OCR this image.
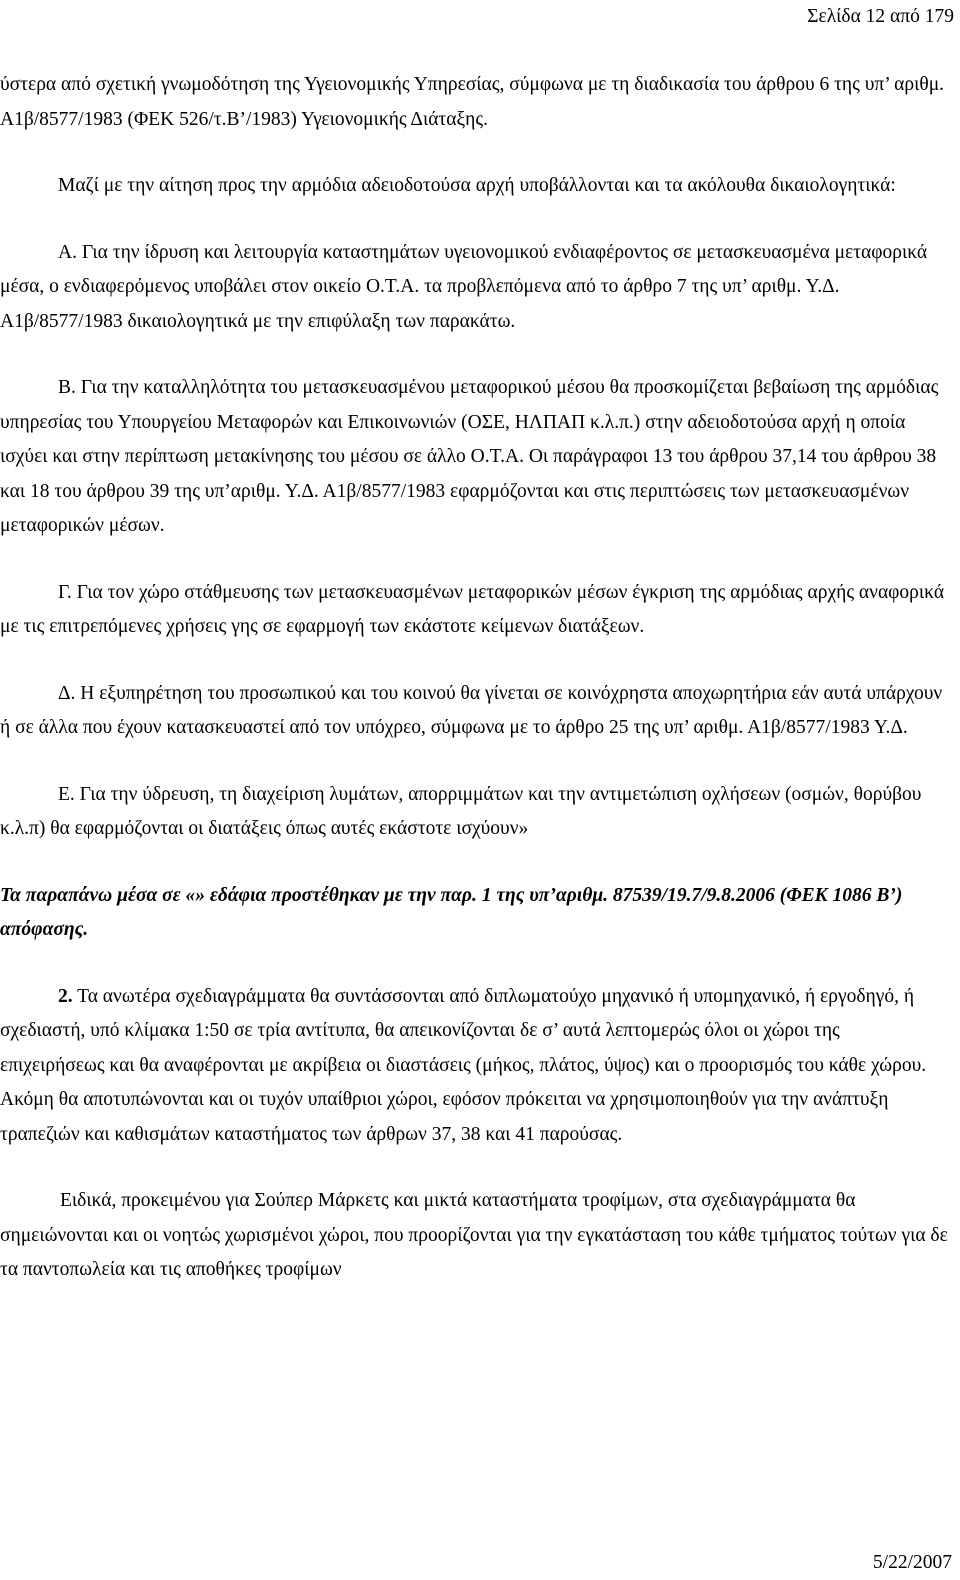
Σελίδα 12 από 179

ύστερα από σχετική γνωμοδότηση της Υγειονομικής Υπηρεσίας, σύμφωνα με τη διαδικασία του άρθρου 6 της υπ’ αριθμ. Α1β/8577/1983 (ΦΕΚ 526/τ.Β’/1983) Υγειονομικής Διάταξης.

Μαζί με την αίτηση προς την αρμόδια αδειοδοτούσα αρχή υποβάλλονται και τα ακόλουθα δικαιολογητικά:

Α. Για την ίδρυση και λειτουργία καταστημάτων υγειονομικού ενδιαφέροντος σε μετασκευασμένα μεταφορικά μέσα, ο ενδιαφερόμενος υποβάλει στον οικείο Ο.Τ.Α. τα προβλεπόμενα από το άρθρο 7 της υπ’ αριθμ. Υ.Δ. Α1β/8577/1983 δικαιολογητικά με την επιφύλαξη των παρακάτω.

Β. Για την καταλληλότητα του μετασκευασμένου μεταφορικού μέσου θα προσκομίζεται βεβαίωση της αρμόδιας υπηρεσίας του Υπουργείου Μεταφορών και Επικοινωνιών (ΟΣΕ, ΗΛΠΑΠ κ.λ.π.) στην αδειοδοτούσα αρχή η οποία ισχύει και στην περίπτωση μετακίνησης του μέσου σε άλλο Ο.Τ.Α. Οι παράγραφοι 13 του άρθρου 37,14 του άρθρου 38 και 18 του άρθρου 39 της υπ’αριθμ. Υ.Δ. Α1β/8577/1983 εφαρμόζονται και στις περιπτώσεις των μετασκευασμένων μεταφορικών μέσων.

Γ. Για τον χώρο στάθμευσης των μετασκευασμένων μεταφορικών μέσων έγκριση της αρμόδιας αρχής αναφορικά με τις επιτρεπόμενες χρήσεις γης σε εφαρμογή των εκάστοτε κείμενων διατάξεων.

Δ. Η εξυπηρέτηση του προσωπικού και του κοινού θα γίνεται σε κοινόχρηστα αποχωρητήρια εάν αυτά υπάρχουν ή σε άλλα που έχουν κατασκευαστεί από τον υπόχρεο, σύμφωνα με το άρθρο 25 της υπ’ αριθμ. Α1β/8577/1983 Υ.Δ.

Ε. Για την ύδρευση, τη διαχείριση λυμάτων, απορριμμάτων και την αντιμετώπιση οχλήσεων (οσμών, θορύβου κ.λ.π) θα εφαρμόζονται οι διατάξεις όπως αυτές εκάστοτε ισχύουν»

Τα παραπάνω μέσα σε «» εδάφια προστέθηκαν με την παρ. 1 της υπ’αριθμ. 87539/19.7/9.8.2006 (ΦΕΚ 1086 Β’) απόφασης.

2. Τα ανωτέρα σχεδιαγράμματα θα συντάσσονται από διπλωματούχο μηχανικό ή υπομηχανικό, ή εργοδηγό, ή σχεδιαστή, υπό κλίμακα 1:50 σε τρία αντίτυπα, θα απεικονίζονται δε σ’ αυτά λεπτομερώς όλοι οι χώροι της επιχειρήσεως και θα αναφέρονται με ακρίβεια οι διαστάσεις (μήκος, πλάτος, ύψος) και ο προορισμός του κάθε χώρου. Ακόμη θα αποτυπώνονται και οι τυχόν υπαίθριοι χώροι, εφόσον πρόκειται να χρησιμοποιηθούν για την ανάπτυξη τραπεζιών και καθισμάτων καταστήματος των άρθρων 37, 38 και 41 παρούσας.

Ειδικά, προκειμένου για Σούπερ Μάρκετς και μικτά καταστήματα τροφίμων, στα σχεδιαγράμματα θα σημειώνονται και οι νοητώς χωρισμένοι χώροι, που προορίζονται για την εγκατάσταση του κάθε τμήματος τούτων για δε τα παντοπωλεία και τις αποθήκες τροφίμων

5/22/2007
